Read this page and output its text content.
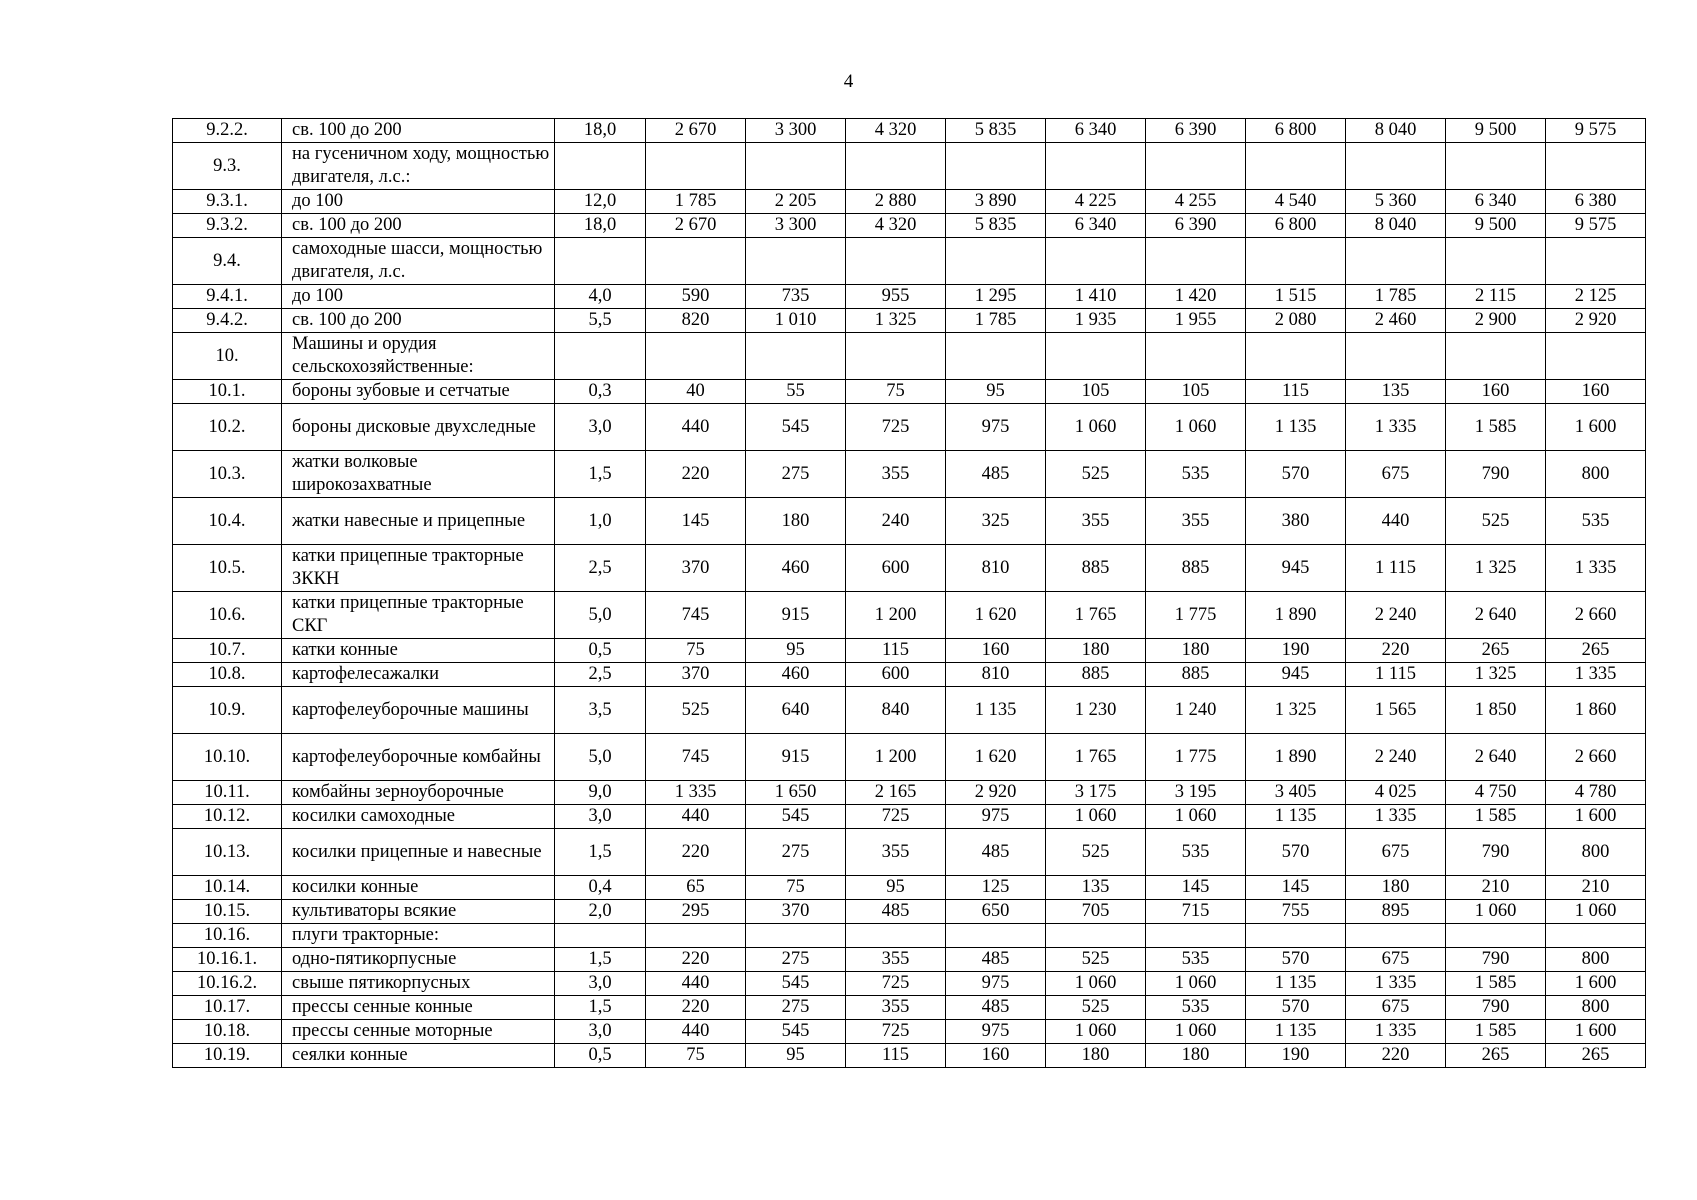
4
9.2.2.	св. 100 до 200	18,0	2 670	3 300	4 320	5 835	6 340	6 390	6 800	8 040	9 500	9 575
9.3.	на гусеничном ходу, мощностью двигателя, л.с.:											
9.3.1.	до 100	12,0	1 785	2 205	2 880	3 890	4 225	4 255	4 540	5 360	6 340	6 380
9.3.2.	св. 100 до 200	18,0	2 670	3 300	4 320	5 835	6 340	6 390	6 800	8 040	9 500	9 575
9.4.	самоходные шасси, мощностью двигателя, л.с.											
9.4.1.	до 100	4,0	590	735	955	1 295	1 410	1 420	1 515	1 785	2 115	2 125
9.4.2.	св. 100 до 200	5,5	820	1 010	1 325	1 785	1 935	1 955	2 080	2 460	2 900	2 920
10.	Машины и орудия сельскохозяйственные:											
10.1.	бороны зубовые и сетчатые	0,3	40	55	75	95	105	105	115	135	160	160
10.2.	бороны дисковые двухследные	3,0	440	545	725	975	1 060	1 060	1 135	1 335	1 585	1 600
10.3.	жатки волковые широкозахватные	1,5	220	275	355	485	525	535	570	675	790	800
10.4.	жатки навесные и прицепные	1,0	145	180	240	325	355	355	380	440	525	535
10.5.	катки прицепные тракторные ЗККН	2,5	370	460	600	810	885	885	945	1 115	1 325	1 335
10.6.	катки прицепные тракторные СКГ	5,0	745	915	1 200	1 620	1 765	1 775	1 890	2 240	2 640	2 660
10.7.	катки конные	0,5	75	95	115	160	180	180	190	220	265	265
10.8.	картофелесажалки	2,5	370	460	600	810	885	885	945	1 115	1 325	1 335
10.9.	картофелеуборочные машины	3,5	525	640	840	1 135	1 230	1 240	1 325	1 565	1 850	1 860
10.10.	картофелеуборочные комбайны	5,0	745	915	1 200	1 620	1 765	1 775	1 890	2 240	2 640	2 660
10.11.	комбайны зерноуборочные	9,0	1 335	1 650	2 165	2 920	3 175	3 195	3 405	4 025	4 750	4 780
10.12.	косилки самоходные	3,0	440	545	725	975	1 060	1 060	1 135	1 335	1 585	1 600
10.13.	косилки прицепные и навесные	1,5	220	275	355	485	525	535	570	675	790	800
10.14.	косилки конные	0,4	65	75	95	125	135	145	145	180	210	210
10.15.	культиваторы всякие	2,0	295	370	485	650	705	715	755	895	1 060	1 060
10.16.	плуги тракторные:											
10.16.1.	одно-пятикорпусные	1,5	220	275	355	485	525	535	570	675	790	800
10.16.2.	свыше пятикорпусных	3,0	440	545	725	975	1 060	1 060	1 135	1 335	1 585	1 600
10.17.	прессы сенные конные	1,5	220	275	355	485	525	535	570	675	790	800
10.18.	прессы сенные моторные	3,0	440	545	725	975	1 060	1 060	1 135	1 335	1 585	1 600
10.19.	сеялки конные	0,5	75	95	115	160	180	180	190	220	265	265
